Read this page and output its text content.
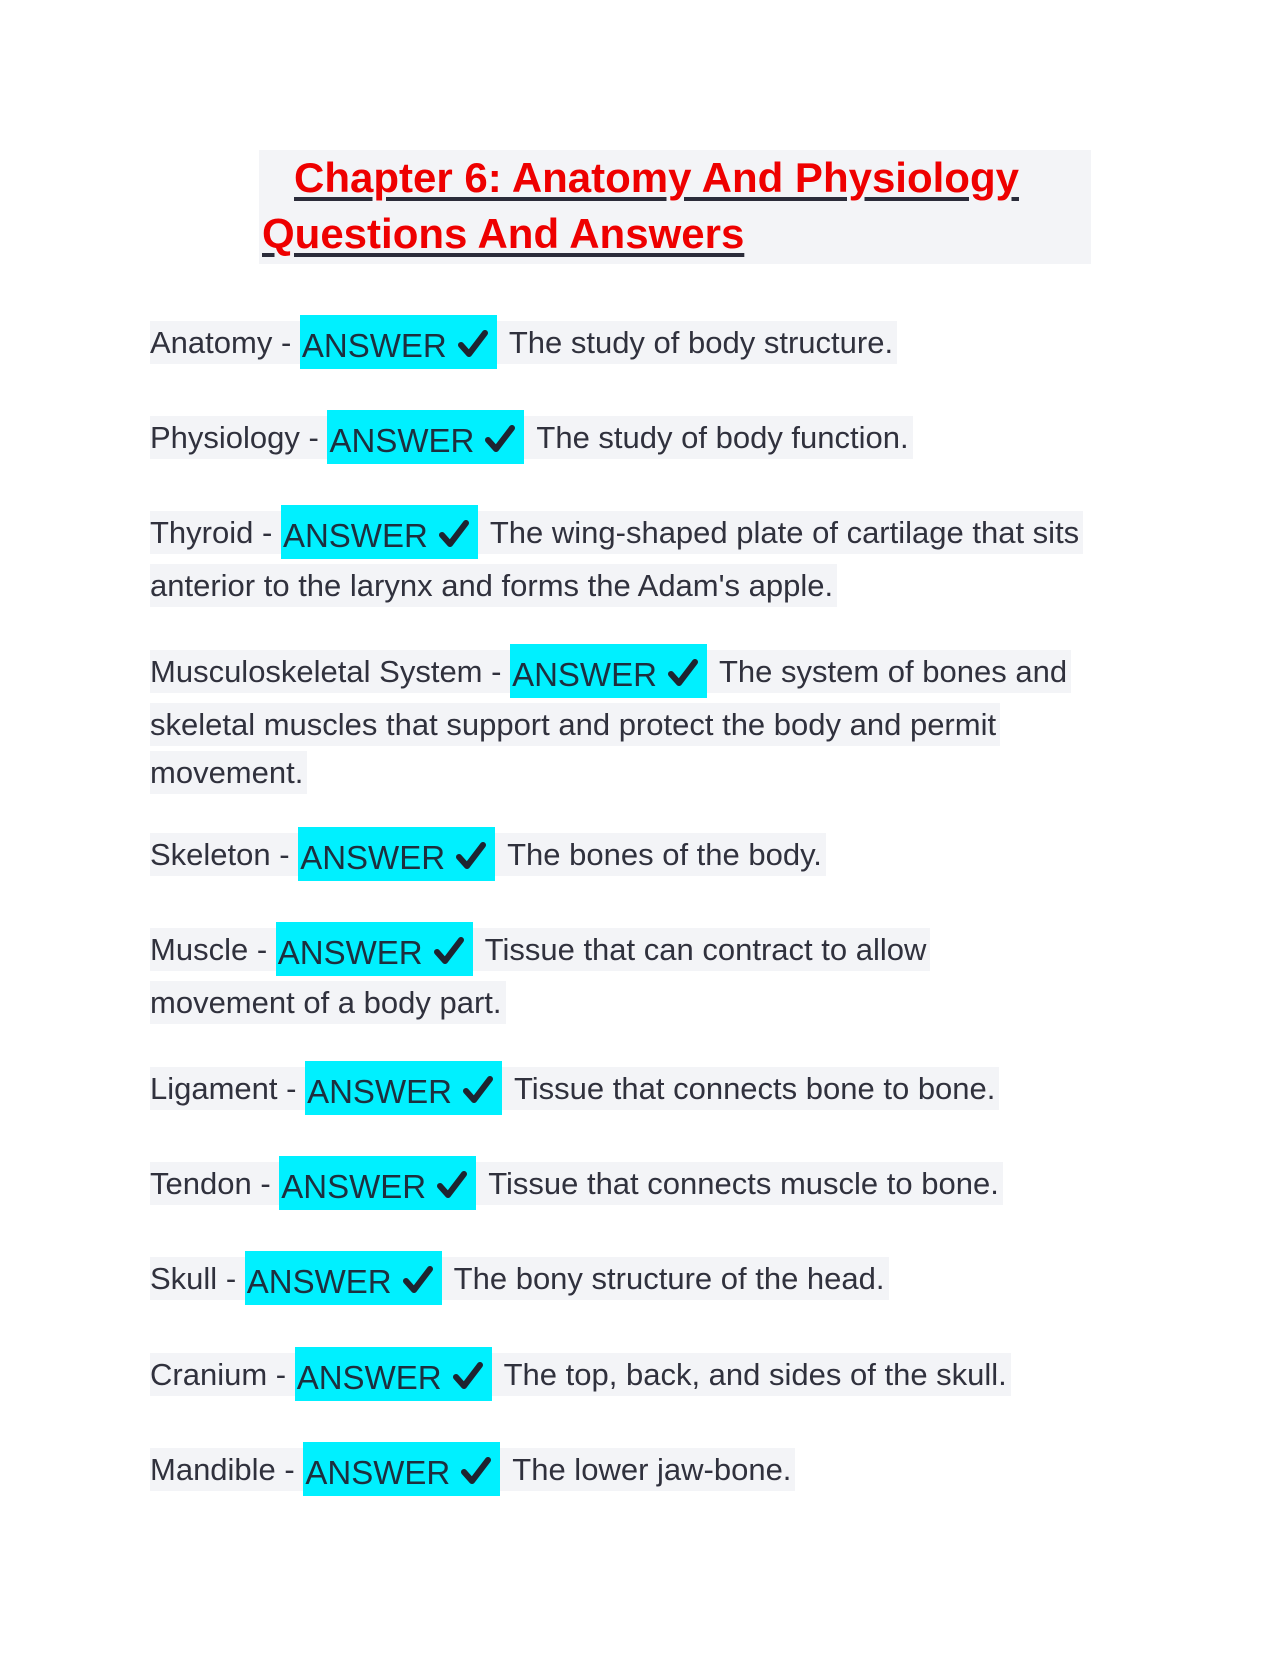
Chapter 6: Anatomy And Physiology Questions And Answers
Anatomy - ANSWER The study of body structure.
Physiology - ANSWER The study of body function.
Thyroid - ANSWER The wing-shaped plate of cartilage that sits anterior to the larynx and forms the Adam's apple.
Musculoskeletal System - ANSWER The system of bones and skeletal muscles that support and protect the body and permit movement.
Skeleton - ANSWER The bones of the body.
Muscle - ANSWER Tissue that can contract to allow movement of a body part.
Ligament - ANSWER Tissue that connects bone to bone.
Tendon - ANSWER Tissue that connects muscle to bone.
Skull - ANSWER The bony structure of the head.
Cranium - ANSWER The top, back, and sides of the skull.
Mandible - ANSWER The lower jaw-bone.
